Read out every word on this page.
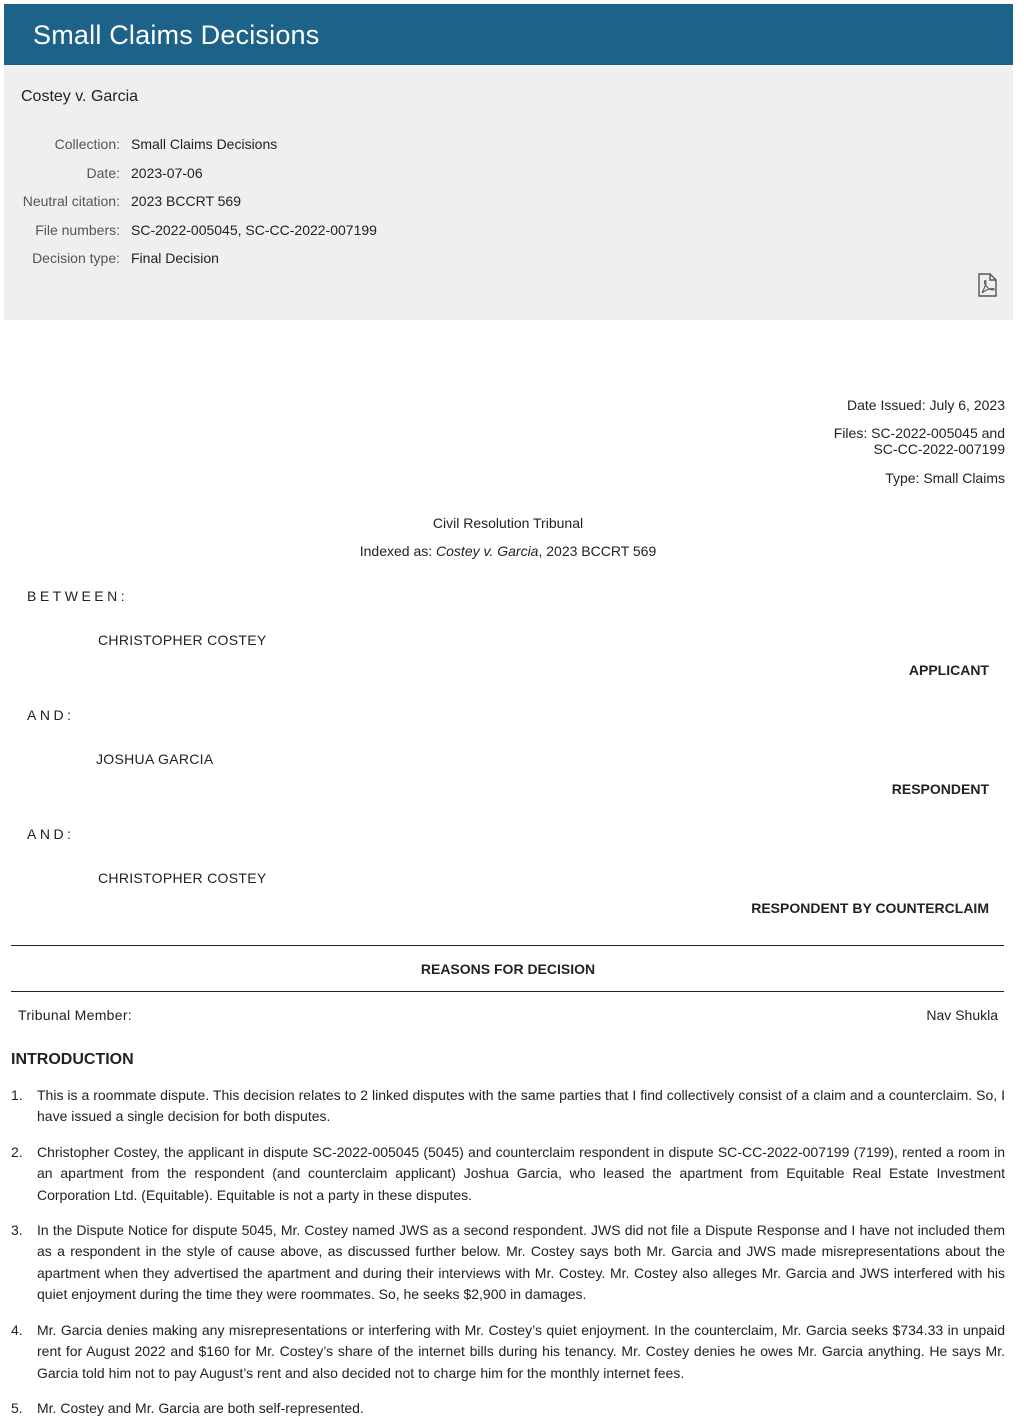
Small Claims Decisions
Costey v. Garcia
Collection: Small Claims Decisions
Date: 2023-07-06
Neutral citation: 2023 BCCRT 569
File numbers: SC-2022-005045, SC-CC-2022-007199
Decision type: Final Decision
Date Issued: July 6, 2023
Files: SC-2022-005045 and
SC-CC-2022-007199
Type: Small Claims
Civil Resolution Tribunal
Indexed as: Costey v. Garcia, 2023 BCCRT 569
BETWEEN:
CHRISTOPHER COSTEY
APPLICANT
AND:
JOSHUA GARCIA
RESPONDENT
AND:
CHRISTOPHER COSTEY
RESPONDENT BY COUNTERCLAIM
REASONS FOR DECISION
Tribunal Member:	Nav Shukla
INTRODUCTION
1.	This is a roommate dispute. This decision relates to 2 linked disputes with the same parties that I find collectively consist of a claim and a counterclaim. So, I have issued a single decision for both disputes.
2.	Christopher Costey, the applicant in dispute SC-2022-005045 (5045) and counterclaim respondent in dispute SC-CC-2022-007199 (7199), rented a room in an apartment from the respondent (and counterclaim applicant) Joshua Garcia, who leased the apartment from Equitable Real Estate Investment Corporation Ltd. (Equitable). Equitable is not a party in these disputes.
3.	In the Dispute Notice for dispute 5045, Mr. Costey named JWS as a second respondent. JWS did not file a Dispute Response and I have not included them as a respondent in the style of cause above, as discussed further below. Mr. Costey says both Mr. Garcia and JWS made misrepresentations about the apartment when they advertised the apartment and during their interviews with Mr. Costey. Mr. Costey also alleges Mr. Garcia and JWS interfered with his quiet enjoyment during the time they were roommates. So, he seeks $2,900 in damages.
4.	Mr. Garcia denies making any misrepresentations or interfering with Mr. Costey’s quiet enjoyment. In the counterclaim, Mr. Garcia seeks $734.33 in unpaid rent for August 2022 and $160 for Mr. Costey’s share of the internet bills during his tenancy. Mr. Costey denies he owes Mr. Garcia anything. He says Mr. Garcia told him not to pay August’s rent and also decided not to charge him for the monthly internet fees.
5.	Mr. Costey and Mr. Garcia are both self-represented.
